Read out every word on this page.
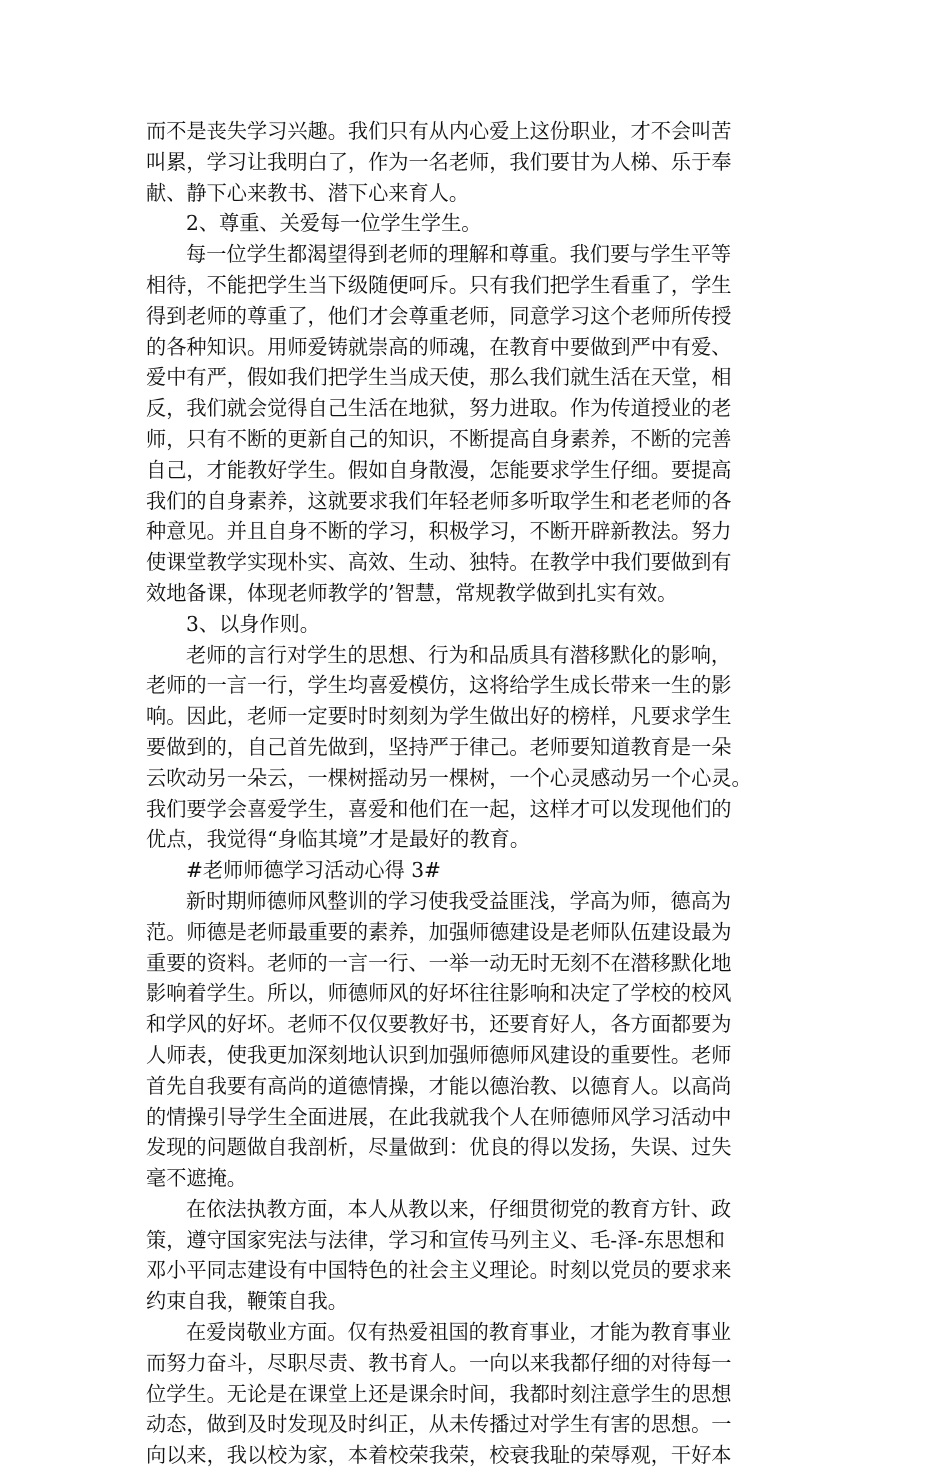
而不是丧失学习兴趣。我们只有从内心爱上这份职业，才不会叫苦
叫累，学习让我明白了，作为一名老师，我们要甘为人梯、乐于奉
献、静下心来教书、潜下心来育人。
2、尊重、关爱每一位学生学生。
每一位学生都渴望得到老师的理解和尊重。我们要与学生平等
相待，不能把学生当下级随便呵斥。只有我们把学生看重了，学生
得到老师的尊重了，他们才会尊重老师，同意学习这个老师所传授
的各种知识。用师爱铸就崇高的师魂，在教育中要做到严中有爱、
爱中有严，假如我们把学生当成天使，那么我们就生活在天堂，相
反，我们就会觉得自己生活在地狱，努力进取。作为传道授业的老
师，只有不断的更新自己的知识，不断提高自身素养，不断的完善
自己，才能教好学生。假如自身散漫，怎能要求学生仔细。要提高
我们的自身素养，这就要求我们年轻老师多听取学生和老老师的各
种意见。并且自身不断的学习，积极学习，不断开辟新教法。努力
使课堂教学实现朴实、高效、生动、独特。在教学中我们要做到有
效地备课，体现老师教学的’智慧，常规教学做到扎实有效。
3、以身作则。
老师的言行对学生的思想、行为和品质具有潜移默化的影响，
老师的一言一行，学生均喜爱模仿，这将给学生成长带来一生的影
响。因此，老师一定要时时刻刻为学生做出好的榜样，凡要求学生
要做到的，自己首先做到，坚持严于律己。老师要知道教育是一朵
云吹动另一朵云，一棵树摇动另一棵树，一个心灵感动另一个心灵。
我们要学会喜爱学生，喜爱和他们在一起，这样才可以发现他们的
优点，我觉得“身临其境”才是最好的教育。
#老师师德学习活动心得 3#
新时期师德师风整训的学习使我受益匪浅，学高为师，德高为
范。师德是老师最重要的素养，加强师德建设是老师队伍建设最为
重要的资料。老师的一言一行、一举一动无时无刻不在潜移默化地
影响着学生。所以，师德师风的好坏往往影响和决定了学校的校风
和学风的好坏。老师不仅仅要教好书，还要育好人，各方面都要为
人师表，使我更加深刻地认识到加强师德师风建设的重要性。老师
首先自我要有高尚的道德情操，才能以德治教、以德育人。以高尚
的情操引导学生全面进展，在此我就我个人在师德师风学习活动中
发现的问题做自我剖析，尽量做到：优良的得以发扬，失误、过失
毫不遮掩。
在依法执教方面，本人从教以来，仔细贯彻党的教育方针、政
策，遵守国家宪法与法律，学习和宣传马列主义、毛-泽-东思想和
邓小平同志建设有中国特色的社会主义理论。时刻以党员的要求来
约束自我，鞭策自我。
在爱岗敬业方面。仅有热爱祖国的教育事业，才能为教育事业
而努力奋斗，尽职尽责、教书育人。一向以来我都仔细的对待每一
位学生。无论是在课堂上还是课余时间，我都时刻注意学生的思想
动态，做到及时发现及时纠正，从未传播过对学生有害的思想。一
向以来，我以校为家，本着校荣我荣，校衰我耻的荣辱观，干好本
